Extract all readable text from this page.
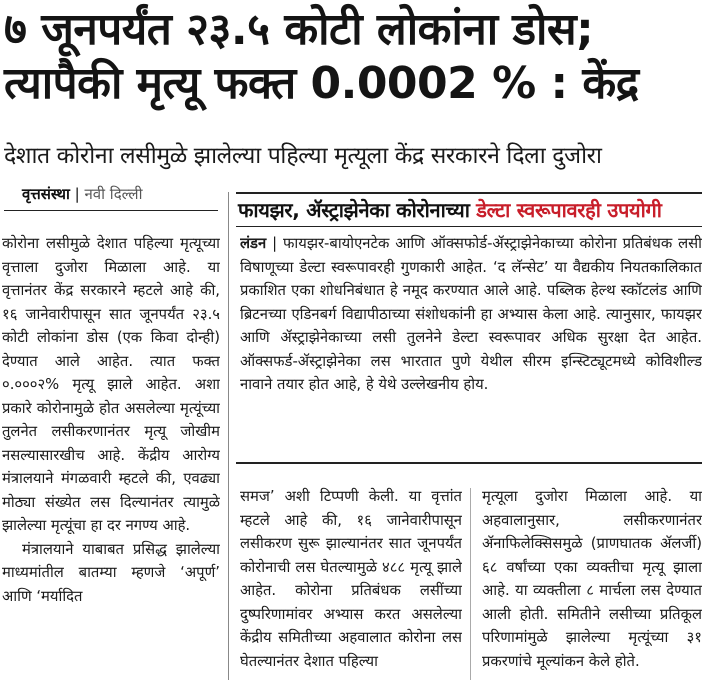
७ जूनपर्यंत २३.५ कोटी लोकांना डोस;
त्यापैकी मृत्यू फक्त 0.0002 % : केंद्र
देशात कोरोना लसीमुळे झालेल्या पहिल्या मृत्यूला केंद्र सरकारने दिला दुजोरा
वृत्तसंस्था | नवी दिल्ली
फायझर, ॲस्ट्राझेनेका कोरोनाच्या डेल्टा स्वरूपावरही उपयोगी

कोरोना लसीमुळे देशात पहिल्या मृत्यूच्या वृत्ताला दुजोरा मिळाला आहे. या वृत्तानंतर केंद्र सरकारने म्हटले आहे की, १६ जानेवारीपासून सात जूनपर्यंत २३.५ कोटी लोकांना डोस (एक किवा दोन्ही) देण्यात आले आहेत. त्यात फक्त ०.०००२% मृत्यू झाले आहेत. अशा प्रकारे कोरोनामुळे होत असलेल्या मृत्यूंच्या तुलनेत लसीकरणानंतर मृत्यू जोखीम नसल्यासारखीच आहे. केंद्रीय आरोग्य मंत्रालयाने मंगळवारी म्हटले की, एवढ्या मोठ्या संख्येत लस दिल्यानंतर त्यामुळे झालेल्या मृत्यूंचा हा दर नगण्य आहे.

मंत्रालयाने याबाबत प्रसिद्ध झालेल्या माध्यमांतील बातम्या म्हणजे ‘अपूर्ण’ आणि ‘मर्यादित

लंडन | फायझर-बायोएनटेक आणि ऑक्सफोर्ड-ॲस्ट्राझेनेकाच्या कोरोना प्रतिबंधक लसी विषाणूच्या डेल्टा स्वरूपावरही गुणकारी आहेत. ‘द लॅन्सेट’ या वैद्यकीय नियतकालिकात प्रकाशित एका शोधनिबंधात हे नमूद करण्यात आले आहे. पब्लिक हेल्थ स्कॉटलंड आणि ब्रिटनच्या एडिनबर्ग विद्यापीठाच्या संशोधकांनी हा अभ्यास केला आहे. त्यानुसार, फायझर आणि ॲस्ट्राझेनेकाच्या लसी तुलनेने डेल्टा स्वरूपावर अधिक सुरक्षा देत आहेत. ऑक्सफर्ड-ॲस्ट्राझेनेका लस भारतात पुणे येथील सीरम इन्स्टिट्यूटमध्ये कोविशील्ड नावाने तयार होत आहे, हे येथे उल्लेखनीय होय.

समज’ अशी टिप्पणी केली. या वृत्तांत म्हटले आहे की, १६ जानेवारीपासून लसीकरण सुरू झाल्यानंतर सात जूनपर्यंत कोरोनाची लस घेतल्यामुळे ४८८ मृत्यू झाले आहेत. कोरोना प्रतिबंधक लसींच्या दुष्परिणामांवर अभ्यास करत असलेल्या केंद्रीय समितीच्या अहवालात कोरोना लस घेतल्यानंतर देशात पहिल्या

मृत्यूला दुजोरा मिळाला आहे. या अहवालानुसार, लसीकरणानंतर ॲनाफिलेक्सिसमुळे (प्राणघातक ॲलर्जी) ६८ वर्षांच्या एका व्यक्तीचा मृत्यू झाला आहे. या व्यक्तीला ८ मार्चला लस देण्यात आली होती. समितीने लसीच्या प्रतिकूल परिणामांमुळे झालेल्या मृत्यूंच्या ३१ प्रकरणांचे मूल्यांकन केले होते.
